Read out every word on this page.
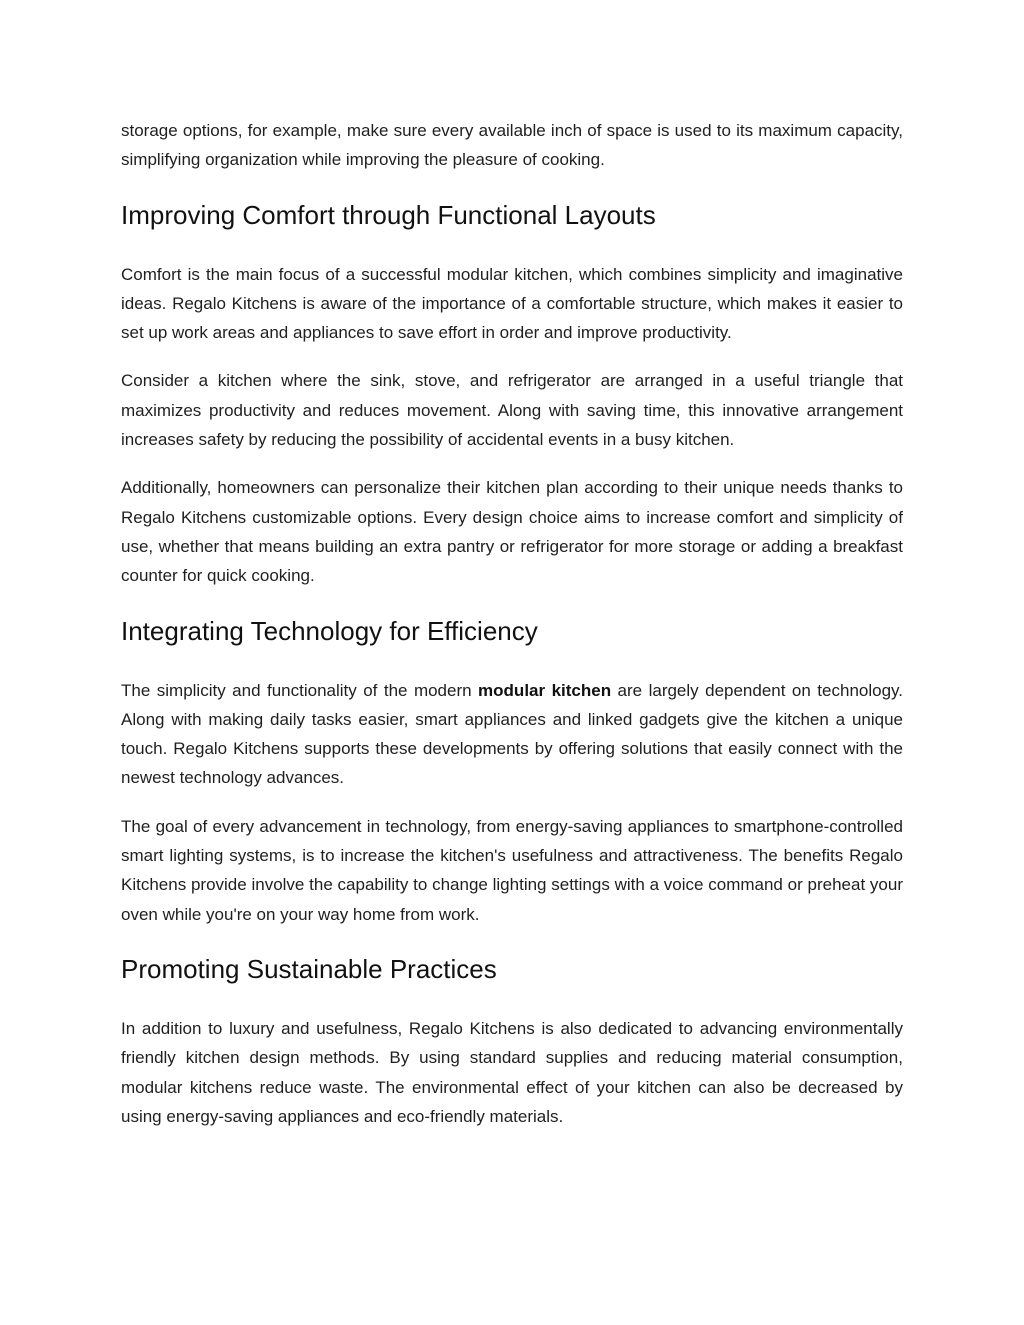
storage options, for example, make sure every available inch of space is used to its maximum capacity, simplifying organization while improving the pleasure of cooking.

Improving Comfort through Functional Layouts

Comfort is the main focus of a successful modular kitchen, which combines simplicity and imaginative ideas. Regalo Kitchens is aware of the importance of a comfortable structure, which makes it easier to set up work areas and appliances to save effort in order and improve productivity.

Consider a kitchen where the sink, stove, and refrigerator are arranged in a useful triangle that maximizes productivity and reduces movement. Along with saving time, this innovative arrangement increases safety by reducing the possibility of accidental events in a busy kitchen.

Additionally, homeowners can personalize their kitchen plan according to their unique needs thanks to Regalo Kitchens customizable options. Every design choice aims to increase comfort and simplicity of use, whether that means building an extra pantry or refrigerator for more storage or adding a breakfast counter for quick cooking.

Integrating Technology for Efficiency

The simplicity and functionality of the modern modular kitchen are largely dependent on technology. Along with making daily tasks easier, smart appliances and linked gadgets give the kitchen a unique touch. Regalo Kitchens supports these developments by offering solutions that easily connect with the newest technology advances.

The goal of every advancement in technology, from energy-saving appliances to smartphone-controlled smart lighting systems, is to increase the kitchen's usefulness and attractiveness. The benefits Regalo Kitchens provide involve the capability to change lighting settings with a voice command or preheat your oven while you're on your way home from work.

Promoting Sustainable Practices

In addition to luxury and usefulness, Regalo Kitchens is also dedicated to advancing environmentally friendly kitchen design methods. By using standard supplies and reducing material consumption, modular kitchens reduce waste. The environmental effect of your kitchen can also be decreased by using energy-saving appliances and eco-friendly materials.
